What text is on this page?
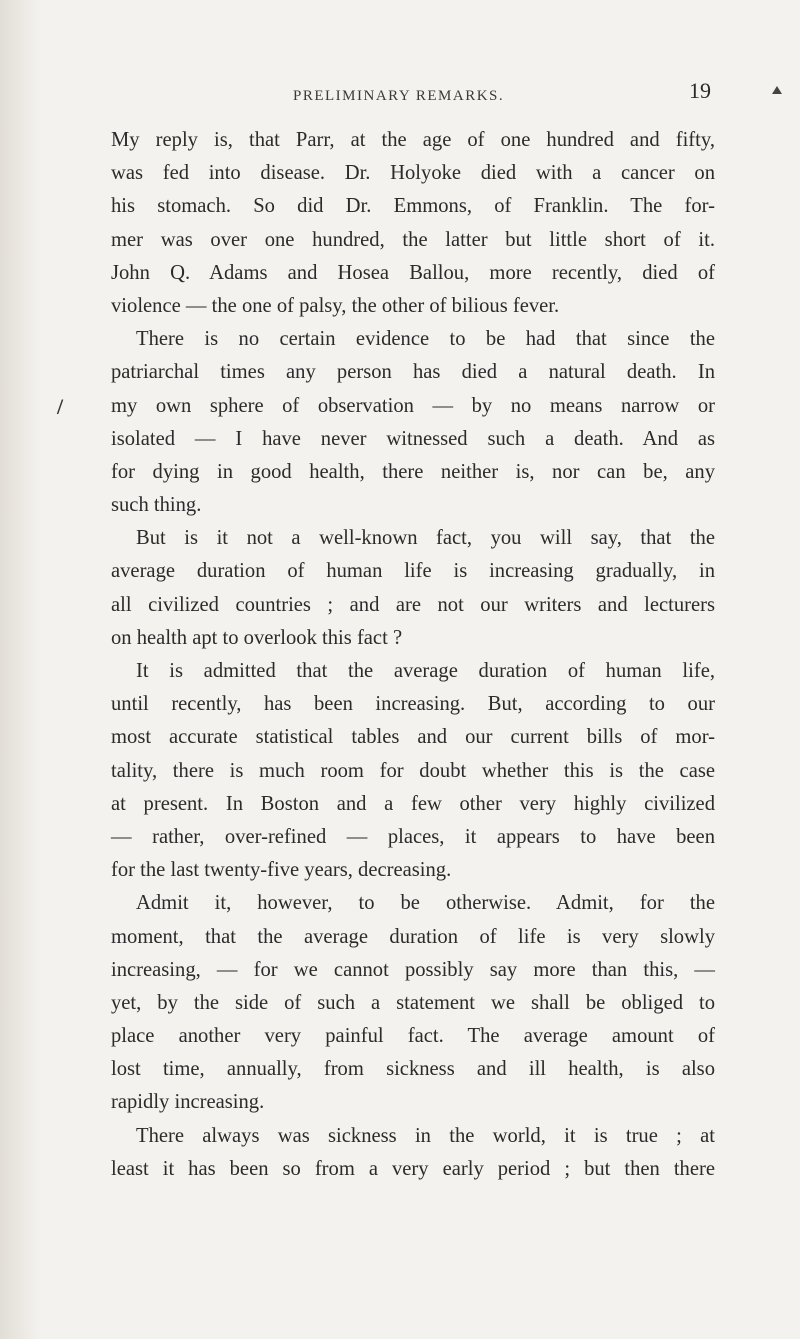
PRELIMINARY REMARKS.	19
/
My reply is, that Parr, at the age of one hundred and fifty,
was fed into disease. Dr. Holyoke died with a cancer on
his stomach. So did Dr. Emmons, of Franklin. The for-
mer was over one hundred, the latter but little short of it.
John Q. Adams and Hosea Ballou, more recently, died of
violence — the one of palsy, the other of bilious fever.
There is no certain evidence to be had that since the
patriarchal times any person has died a natural death. In
my own sphere of observation — by no means narrow or
isolated — I have never witnessed such a death. And as
for dying in good health, there neither is, nor can be, any
such thing.
But is it not a well-known fact, you will say, that the
average duration of human life is increasing gradually, in
all civilized countries ; and are not our writers and lecturers
on health apt to overlook this fact ?
It is admitted that the average duration of human life,
until recently, has been increasing. But, according to our
most accurate statistical tables and our current bills of mor-
tality, there is much room for doubt whether this is the case
at present. In Boston and a few other very highly civilized
— rather, over-refined — places, it appears to have been
for the last twenty-five years, decreasing.
Admit it, however, to be otherwise. Admit, for the
moment, that the average duration of life is very slowly
increasing, — for we cannot possibly say more than this, —
yet, by the side of such a statement we shall be obliged to
place another very painful fact. The average amount of
lost time, annually, from sickness and ill health, is also
rapidly increasing.
There always was sickness in the world, it is true ; at
least it has been so from a very early period ; but then there
